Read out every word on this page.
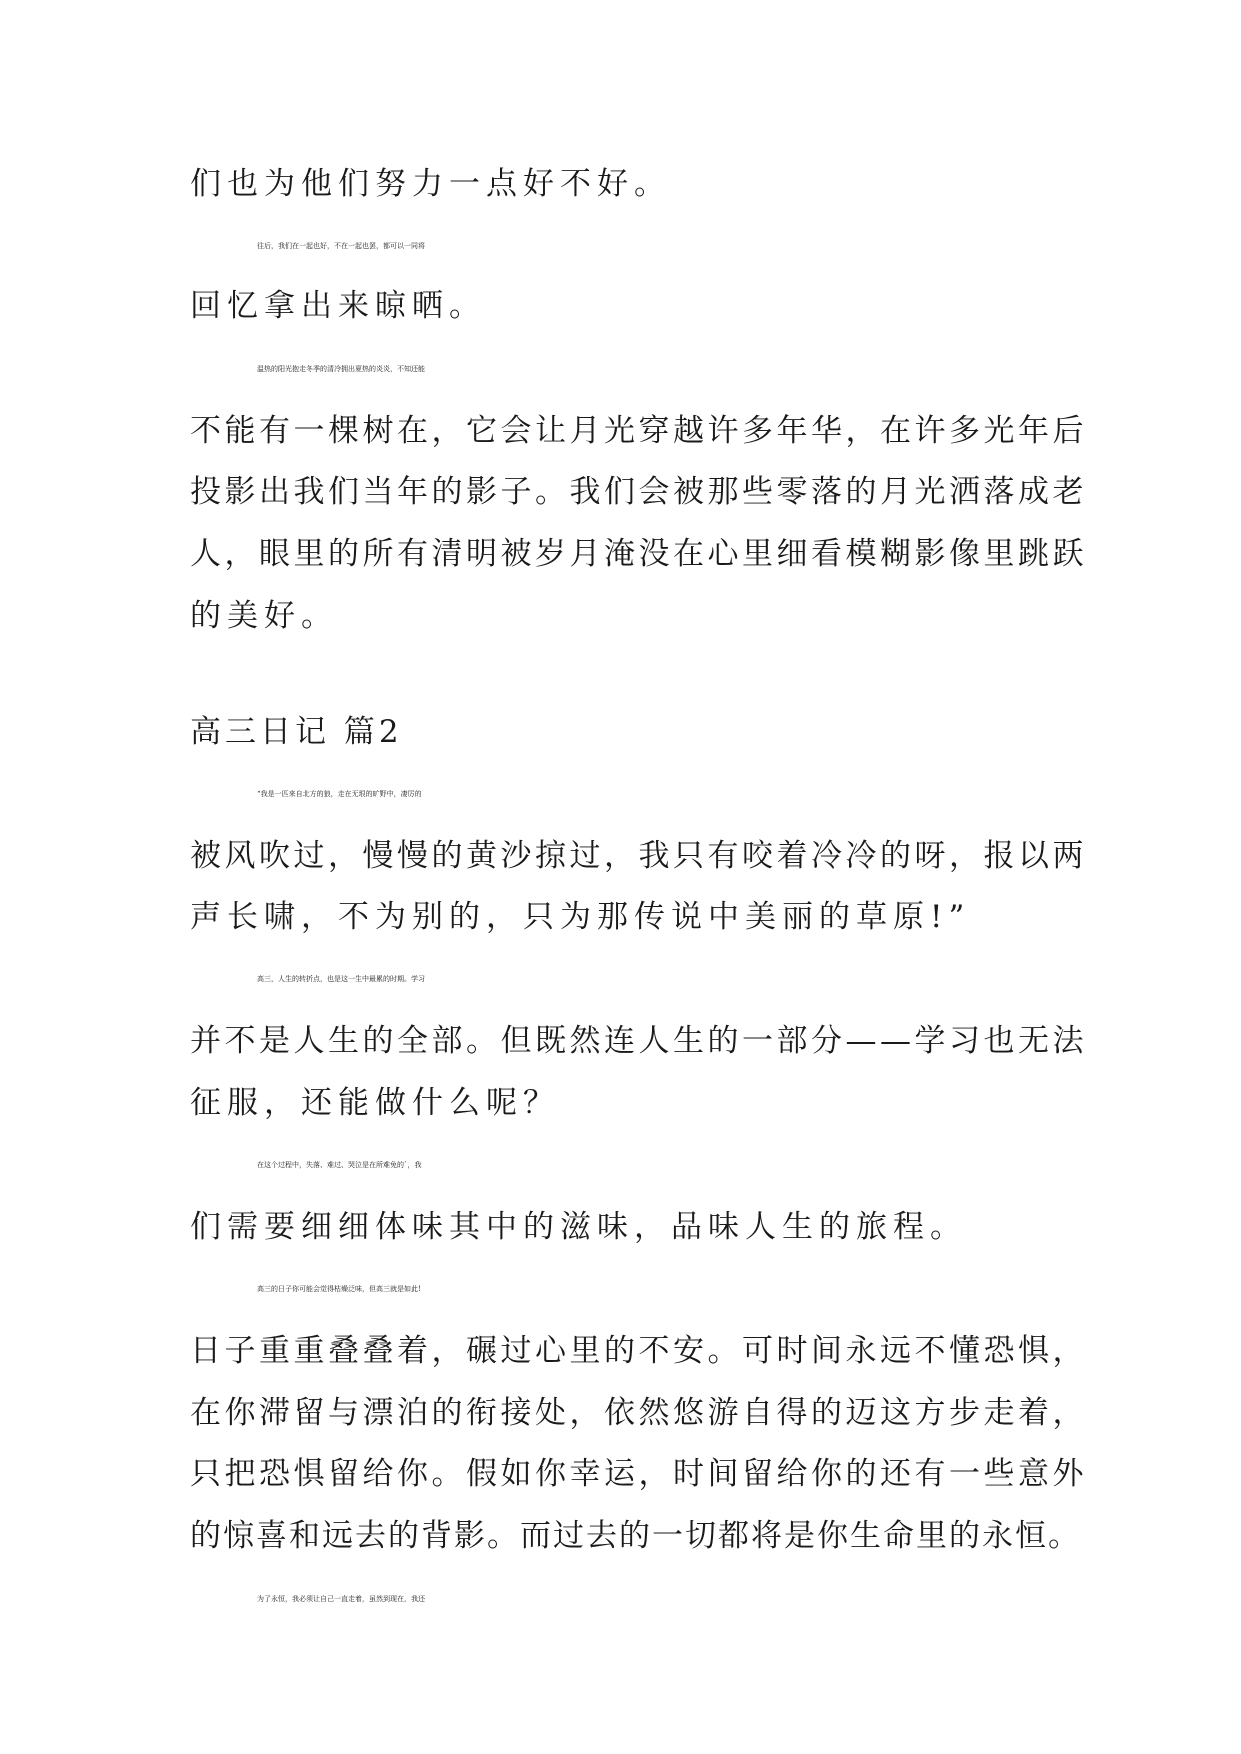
们也为他们努力一点好不好。
往后，我们在一起也好，不在一起也罢，都可以一同将
回忆拿出来晾晒。
温热的阳光抱走冬季的清冷拥出夏热的炎炎，不知还能
不能有一棵树在，它会让月光穿越许多年华，在许多光年后
投影出我们当年的影子。我们会被那些零落的月光洒落成老
人，眼里的所有清明被岁月淹没在心里细看模糊影像里跳跃
的美好。
高三日记 篇2
“我是一匹来自北方的狼，走在无垠的旷野中，凄厉的
被风吹过，慢慢的黄沙掠过，我只有咬着冷冷的呀，报以两
声长啸，不为别的，只为那传说中美丽的草原!”
高三，人生的转折点，也是这一生中最累的时期。学习
并不是人生的全部。但既然连人生的一部分——学习也无法
征服，还能做什么呢？
在这个过程中，失落、难过、哭泣是在所难免的`，我
们需要细细体味其中的滋味，品味人生的旅程。
高三的日子你可能会觉得枯燥泛味，但高三就是如此!
日子重重叠叠着，碾过心里的不安。可时间永远不懂恐惧，
在你滞留与漂泊的衔接处，依然悠游自得的迈这方步走着，
只把恐惧留给你。假如你幸运，时间留给你的还有一些意外
的惊喜和远去的背影。而过去的一切都将是你生命里的永恒。
为了永恒，我必须让自己一直走着，虽然到现在，我还
